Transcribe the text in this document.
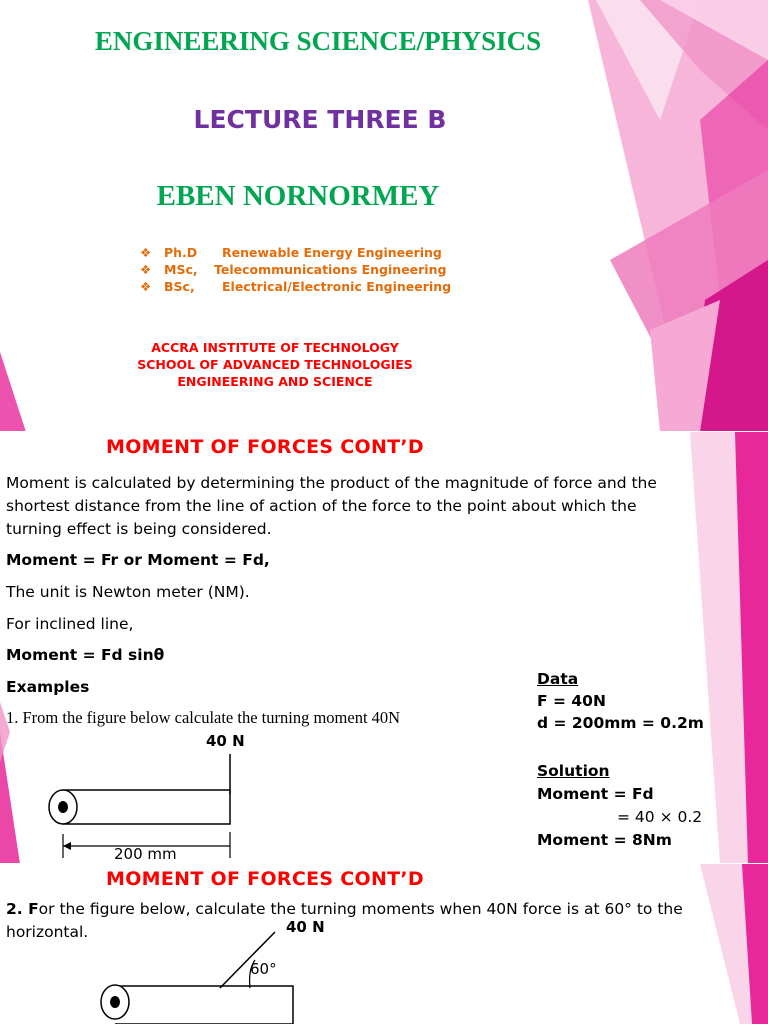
ENGINEERING SCIENCE/PHYSICS
LECTURE THREE B
EBEN NORNORMEY
❖ Ph.D Renewable Energy Engineering
❖ MSc, Telecommunications Engineering
❖ BSc, Electrical/Electronic Engineering
ACCRA INSTITUTE OF TECHNOLOGY
SCHOOL OF ADVANCED TECHNOLOGIES
ENGINEERING AND SCIENCE
MOMENT OF FORCES CONT’D
Moment is calculated by determining the product of the magnitude of force and the
shortest distance from the line of action of the force to the point about which the
turning effect is being considered.
Moment = Fr or Moment = Fd,
The unit is Newton meter (NM).
For inclined line,
Moment = Fd sinθ
Examples
1. From the figure below calculate the turning moment 40N
40 N
200 mm
Data
F = 40N
d = 200mm = 0.2m
Solution
Moment = Fd
= 40 × 0.2
Moment = 8Nm
MOMENT OF FORCES CONT’D
2. For the figure below, calculate the turning moments when 40N force is at 60° to the
horizontal.	40 N
60°
